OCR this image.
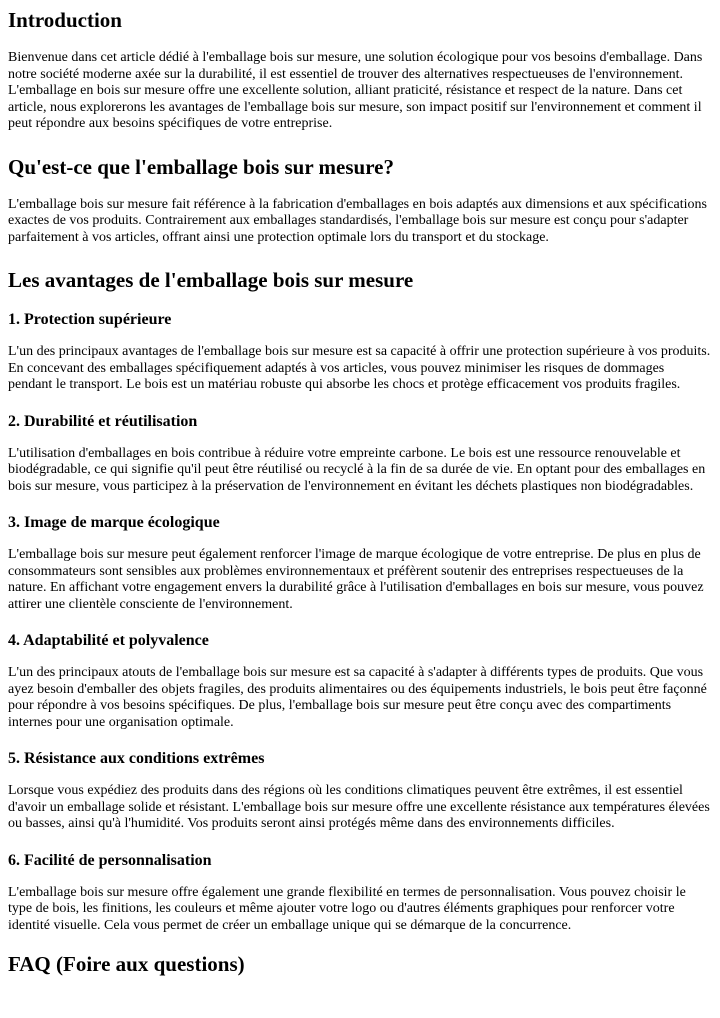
Introduction

Bienvenue dans cet article dédié à l'emballage bois sur mesure, une solution écologique pour vos besoins d'emballage. Dans notre société moderne axée sur la durabilité, il est essentiel de trouver des alternatives respectueuses de l'environnement. L'emballage en bois sur mesure offre une excellente solution, alliant praticité, résistance et respect de la nature. Dans cet article, nous explorerons les avantages de l'emballage bois sur mesure, son impact positif sur l'environnement et comment il peut répondre aux besoins spécifiques de votre entreprise.

Qu'est-ce que l'emballage bois sur mesure?

L'emballage bois sur mesure fait référence à la fabrication d'emballages en bois adaptés aux dimensions et aux spécifications exactes de vos produits. Contrairement aux emballages standardisés, l'emballage bois sur mesure est conçu pour s'adapter parfaitement à vos articles, offrant ainsi une protection optimale lors du transport et du stockage.

Les avantages de l'emballage bois sur mesure
1. Protection supérieure

L'un des principaux avantages de l'emballage bois sur mesure est sa capacité à offrir une protection supérieure à vos produits. En concevant des emballages spécifiquement adaptés à vos articles, vous pouvez minimiser les risques de dommages pendant le transport. Le bois est un matériau robuste qui absorbe les chocs et protège efficacement vos produits fragiles.

2. Durabilité et réutilisation

L'utilisation d'emballages en bois contribue à réduire votre empreinte carbone. Le bois est une ressource renouvelable et biodégradable, ce qui signifie qu'il peut être réutilisé ou recyclé à la fin de sa durée de vie. En optant pour des emballages en bois sur mesure, vous participez à la préservation de l'environnement en évitant les déchets plastiques non biodégradables.

3. Image de marque écologique

L'emballage bois sur mesure peut également renforcer l'image de marque écologique de votre entreprise. De plus en plus de consommateurs sont sensibles aux problèmes environnementaux et préfèrent soutenir des entreprises respectueuses de la nature. En affichant votre engagement envers la durabilité grâce à l'utilisation d'emballages en bois sur mesure, vous pouvez attirer une clientèle consciente de l'environnement.

4. Adaptabilité et polyvalence

L'un des principaux atouts de l'emballage bois sur mesure est sa capacité à s'adapter à différents types de produits. Que vous ayez besoin d'emballer des objets fragiles, des produits alimentaires ou des équipements industriels, le bois peut être façonné pour répondre à vos besoins spécifiques. De plus, l'emballage bois sur mesure peut être conçu avec des compartiments internes pour une organisation optimale.

5. Résistance aux conditions extrêmes

Lorsque vous expédiez des produits dans des régions où les conditions climatiques peuvent être extrêmes, il est essentiel d'avoir un emballage solide et résistant. L'emballage bois sur mesure offre une excellente résistance aux températures élevées ou basses, ainsi qu'à l'humidité. Vos produits seront ainsi protégés même dans des environnements difficiles.

6. Facilité de personnalisation

L'emballage bois sur mesure offre également une grande flexibilité en termes de personnalisation. Vous pouvez choisir le type de bois, les finitions, les couleurs et même ajouter votre logo ou d'autres éléments graphiques pour renforcer votre identité visuelle. Cela vous permet de créer un emballage unique qui se démarque de la concurrence.

FAQ (Foire aux questions)
